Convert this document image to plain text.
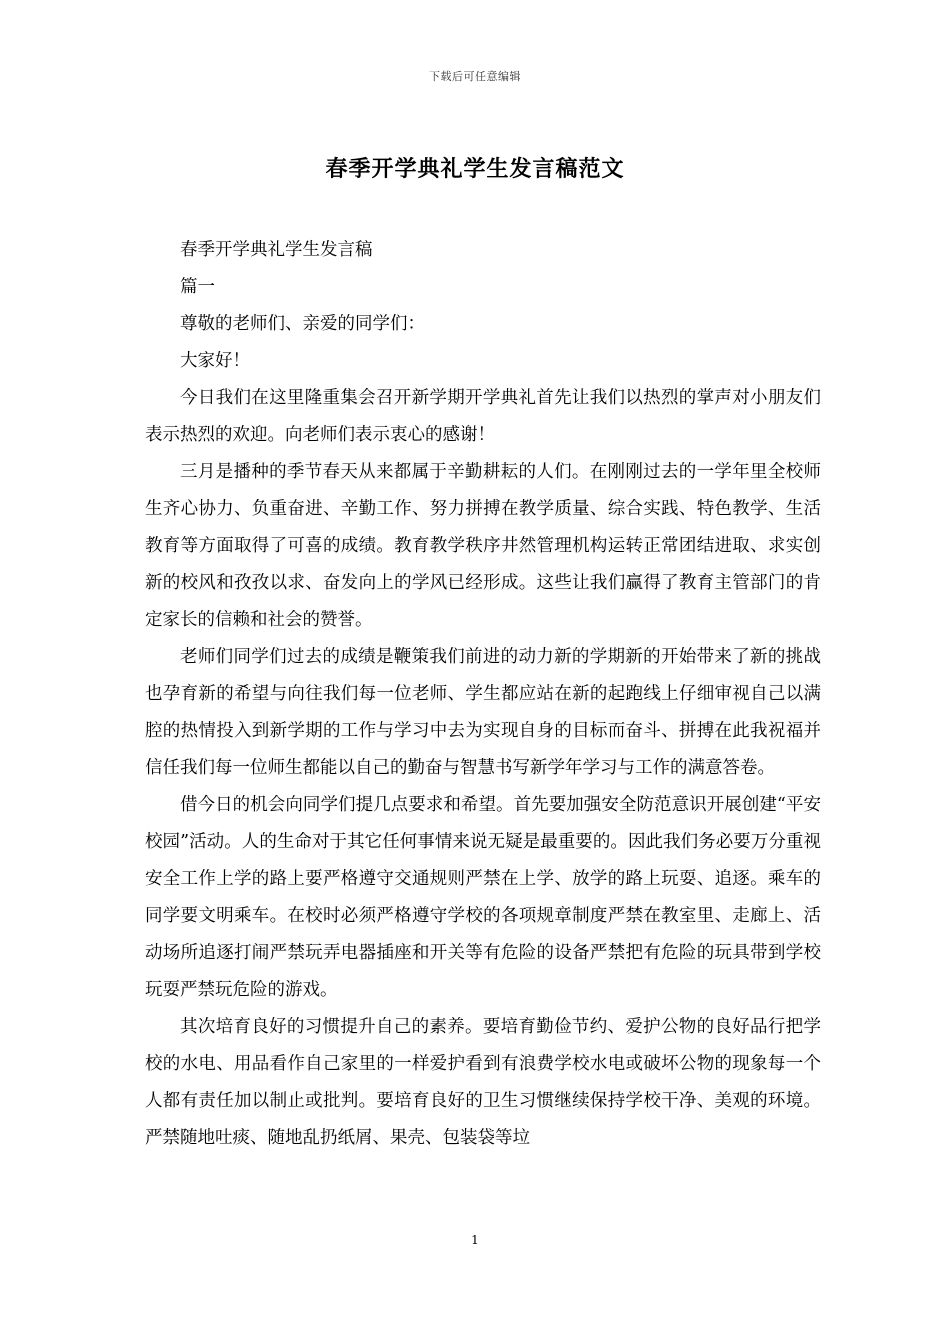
下载后可任意编辑
春季开学典礼学生发言稿范文

春季开学典礼学生发言稿

篇一

尊敬的老师们、亲爱的同学们：

大家好！

今日我们在这里隆重集会召开新学期开学典礼首先让我们以热烈的掌声对小朋友们表示热烈的欢迎。向老师们表示衷心的感谢！

三月是播种的季节春天从来都属于辛勤耕耘的人们。在刚刚过去的一学年里全校师生齐心协力、负重奋进、辛勤工作、努力拼搏在教学质量、综合实践、特色教学、生活教育等方面取得了可喜的成绩。教育教学秩序井然管理机构运转正常团结进取、求实创新的校风和孜孜以求、奋发向上的学风已经形成。这些让我们赢得了教育主管部门的肯定家长的信赖和社会的赞誉。

老师们同学们过去的成绩是鞭策我们前进的动力新的学期新的开始带来了新的挑战也孕育新的希望与向往我们每一位老师、学生都应站在新的起跑线上仔细审视自己以满腔的热情投入到新学期的工作与学习中去为实现自身的目标而奋斗、拼搏在此我祝福并信任我们每一位师生都能以自己的勤奋与智慧书写新学年学习与工作的满意答卷。

借今日的机会向同学们提几点要求和希望。首先要加强安全防范意识开展创建“平安校园”活动。人的生命对于其它任何事情来说无疑是最重要的。因此我们务必要万分重视安全工作上学的路上要严格遵守交通规则严禁在上学、放学的路上玩耍、追逐。乘车的同学要文明乘车。在校时必须严格遵守学校的各项规章制度严禁在教室里、走廊上、活动场所追逐打闹严禁玩弄电器插座和开关等有危险的设备严禁把有危险的玩具带到学校玩耍严禁玩危险的游戏。

其次培育良好的习惯提升自己的素养。要培育勤俭节约、爱护公物的良好品行把学校的水电、用品看作自己家里的一样爱护看到有浪费学校水电或破坏公物的现象每一个人都有责任加以制止或批判。要培育良好的卫生习惯继续保持学校干净、美观的环境。严禁随地吐痰、随地乱扔纸屑、果壳、包装袋等垃

1
